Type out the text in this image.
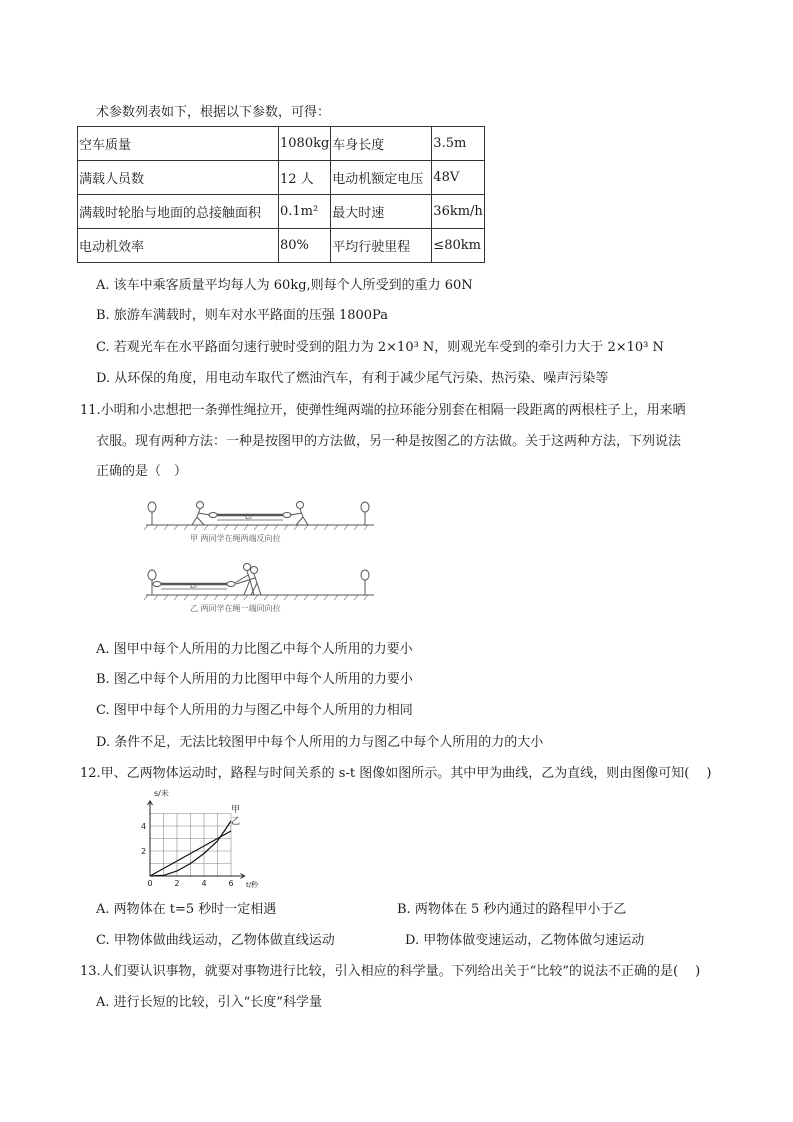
术参数列表如下，根据以下参数，可得：
空车质量	1080kg	车身长度	3.5m
满载人员数	12 人	电动机额定电压	48V
满载时轮胎与地面的总接触面积	0.1m²	最大时速	36km/h
电动机效率	80%	平均行驶里程	≤80km
A. 该车中乘客质量平均每人为 60kg,则每个人所受到的重力 60N
B. 旅游车满载时，则车对水平路面的压强 1800Pa
C. 若观光车在水平路面匀速行驶时受到的阻力为 2×10³ N，则观光车受到的牵引力大于 2×10³ N
D. 从环保的角度，用电动车取代了燃油汽车，有利于减少尾气污染、热污染、噪声污染等
11.小明和小忠想把一条弹性绳拉开，使弹性绳两端的拉环能分别套在相隔一段距离的两根柱子上，用来晒
衣服。现有两种方法：一种是按图甲的方法做，另一种是按图乙的方法做。关于这两种方法，下列说法
正确的是（　）
L₀
L₀
甲 两同学在绳两端反向拉
乙 两同学在绳一端同向拉
A. 图甲中每个人所用的力比图乙中每个人所用的力要小
B. 图乙中每个人所用的力比图甲中每个人所用的力要小
C. 图甲中每个人所用的力与图乙中每个人所用的力相同
D. 条件不足，无法比较图甲中每个人所用的力与图乙中每个人所用的力的大小
12.甲、乙两物体运动时，路程与时间关系的 s-t 图像如图所示。其中甲为曲线，乙为直线，则由图像可知(　 )
0	2	4	6
2
4
s/米
t/秒
甲
乙
A. 两物体在 t=5 秒时一定相遇	B. 两物体在 5 秒内通过的路程甲小于乙
C. 甲物体做曲线运动，乙物体做直线运动	D. 甲物体做变速运动，乙物体做匀速运动
13.人们要认识事物，就要对事物进行比较，引入相应的科学量。下列给出关于“比较”的说法不正确的是(　 )
A. 进行长短的比较，引入“长度”科学量
